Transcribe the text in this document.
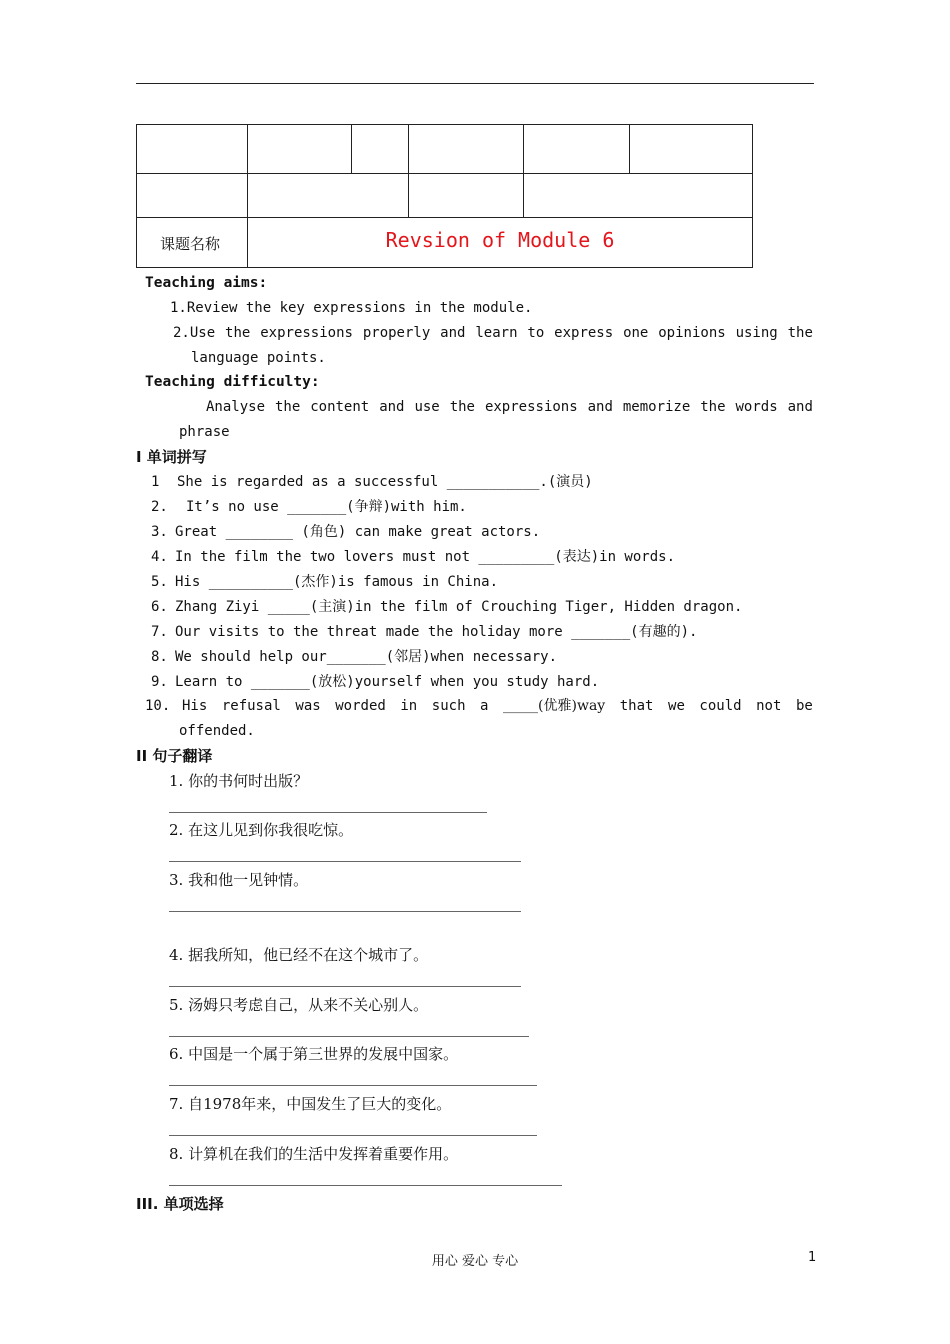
课题名称	Revsion of Module 6
Teaching aims:
1.Review the key expressions in the module.
2.Use the expressions properly and learn to express one opinions using the
language points.
Teaching difficulty:
Analyse the content and use the expressions and memorize the words and
phrase
I 单词拼写
1 She is regarded as a successful ___________.(演员)
2. It’s no use _______(争辩)with him.
3. Great ________ (角色) can make great actors.
4. In the film the two lovers must not _________(表达)in words.
5. His __________(杰作)is famous in China.
6. Zhang Ziyi _____(主演)in the film of Crouching Tiger, Hidden dragon.
7. Our visits to the threat made the holiday more _______(有趣的).
8. We should help our_______(邻居)when necessary.
9. Learn to _______(放松)yourself when you study hard.
10. His refusal was worded in such a _____(优雅)way that we could not be
offended.
II 句子翻译
1. 你的书何时出版？
2. 在这儿见到你我很吃惊。
3. 我和他一见钟情。
4. 据我所知，他已经不在这个城市了。
5. 汤姆只考虑自己，从来不关心别人。
6. 中国是一个属于第三世界的发展中国家。
7. 自1978年来，中国发生了巨大的变化。
8. 计算机在我们的生活中发挥着重要作用。
III. 单项选择
用心 爱心 专心	1
